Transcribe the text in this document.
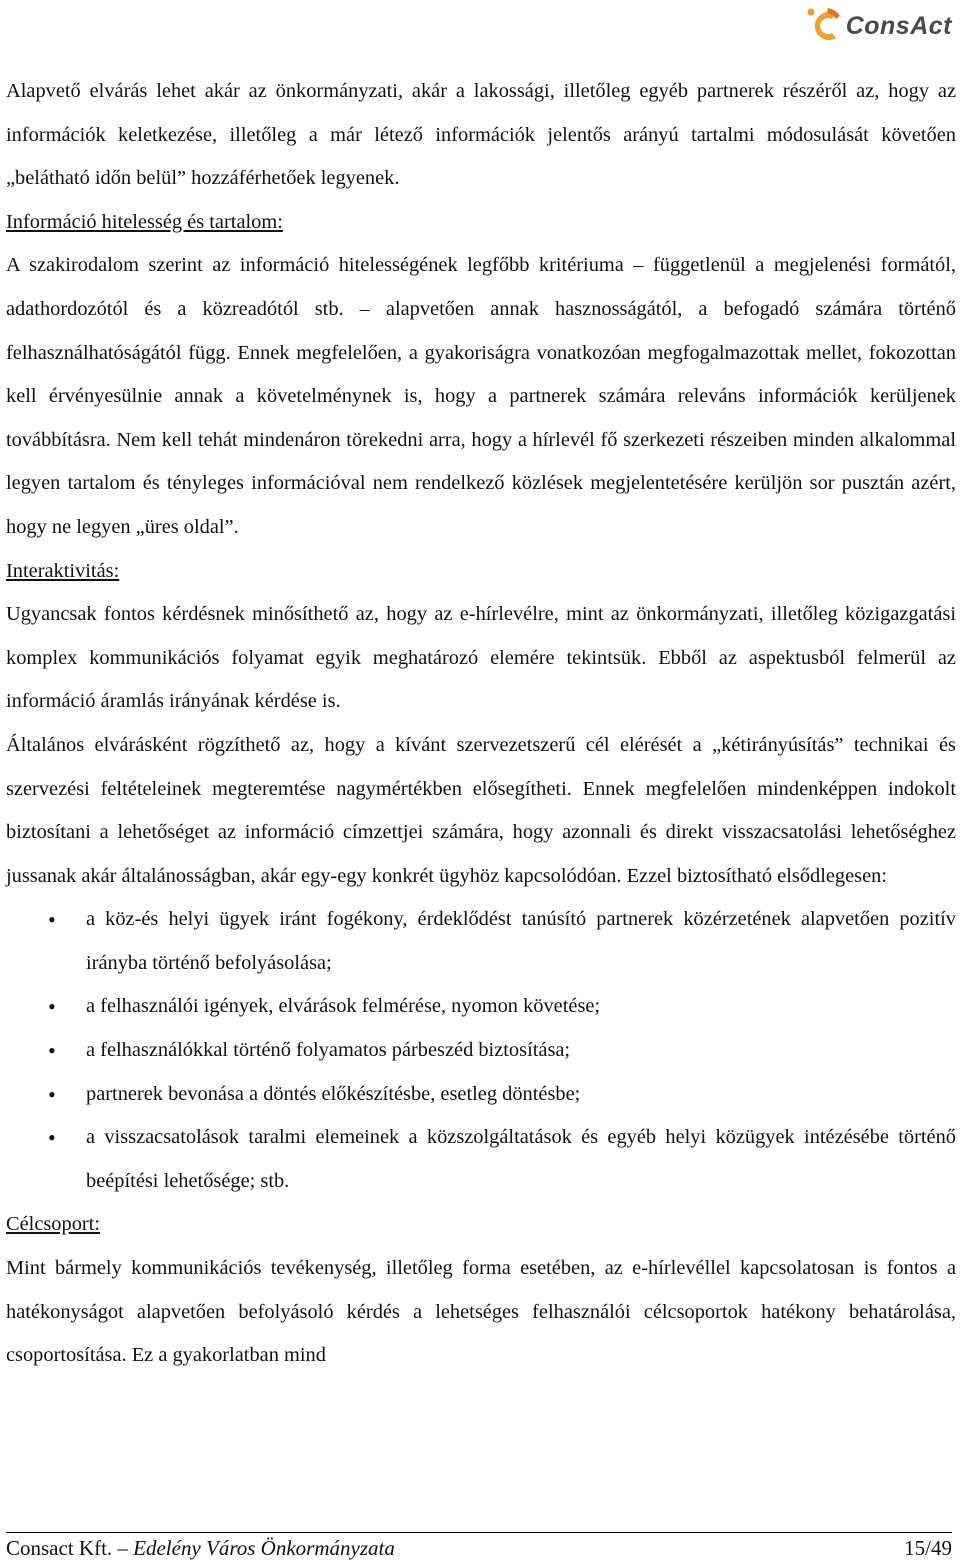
ConsAct

Alapvető elvárás lehet akár az önkormányzati, akár a lakossági, illetőleg egyéb partnerek részéről az, hogy az információk keletkezése, illetőleg a már létező információk jelentős arányú tartalmi módosulását követően „belátható időn belül” hozzáférhetőek legyenek.

Információ hitelesség és tartalom:

A szakirodalom szerint az információ hitelességének legfőbb kritériuma – függetlenül a megjelenési formától, adathordozótól és a közreadótól stb. – alapvetően annak hasznosságától, a befogadó számára történő felhasználhatóságától függ. Ennek megfelelően, a gyakoriságra vonatkozóan megfogalmazottak mellet, fokozottan kell érvényesülnie annak a követelménynek is, hogy a partnerek számára releváns információk kerüljenek továbbításra. Nem kell tehát mindenáron törekedni arra, hogy a hírlevél fő szerkezeti részeiben minden alkalommal legyen tartalom és tényleges információval nem rendelkező közlések megjelentetésére kerüljön sor pusztán azért, hogy ne legyen „üres oldal”.

Interaktivitás:

Ugyancsak fontos kérdésnek minősíthető az, hogy az e-hírlevélre, mint az önkormányzati, illetőleg közigazgatási komplex kommunikációs folyamat egyik meghatározó elemére tekintsük. Ebből az aspektusból felmerül az információ áramlás irányának kérdése is.

Általános elvárásként rögzíthető az, hogy a kívánt szervezetszerű cél elérését a „kétirányúsítás” technikai és szervezési feltételeinek megteremtése nagymértékben elősegítheti. Ennek megfelelően mindenképpen indokolt biztosítani a lehetőséget az információ címzettjei számára, hogy azonnali és direkt visszacsatolási lehetőséghez jussanak akár általánosságban, akár egy-egy konkrét ügyhöz kapcsolódóan. Ezzel biztosítható elsődlegesen:

• a köz-és helyi ügyek iránt fogékony, érdeklődést tanúsító partnerek közérzetének alapvetően pozitív irányba történő befolyásolása;
• a felhasználói igények, elvárások felmérése, nyomon követése;
• a felhasználókkal történő folyamatos párbeszéd biztosítása;
• partnerek bevonása a döntés előkészítésbe, esetleg döntésbe;
• a visszacsatolások taralmi elemeinek a közszolgáltatások és egyéb helyi közügyek intézésébe történő beépítési lehetősége; stb.

Célcsoport:

Mint bármely kommunikációs tevékenység, illetőleg forma esetében, az e-hírlevéllel kapcsolatosan is fontos a hatékonyságot alapvetően befolyásoló kérdés a lehetséges felhasználói célcsoportok hatékony behatárolása, csoportosítása. Ez a gyakorlatban mind

Consact Kft. – Edelény Város Önkormányzata	15/49
